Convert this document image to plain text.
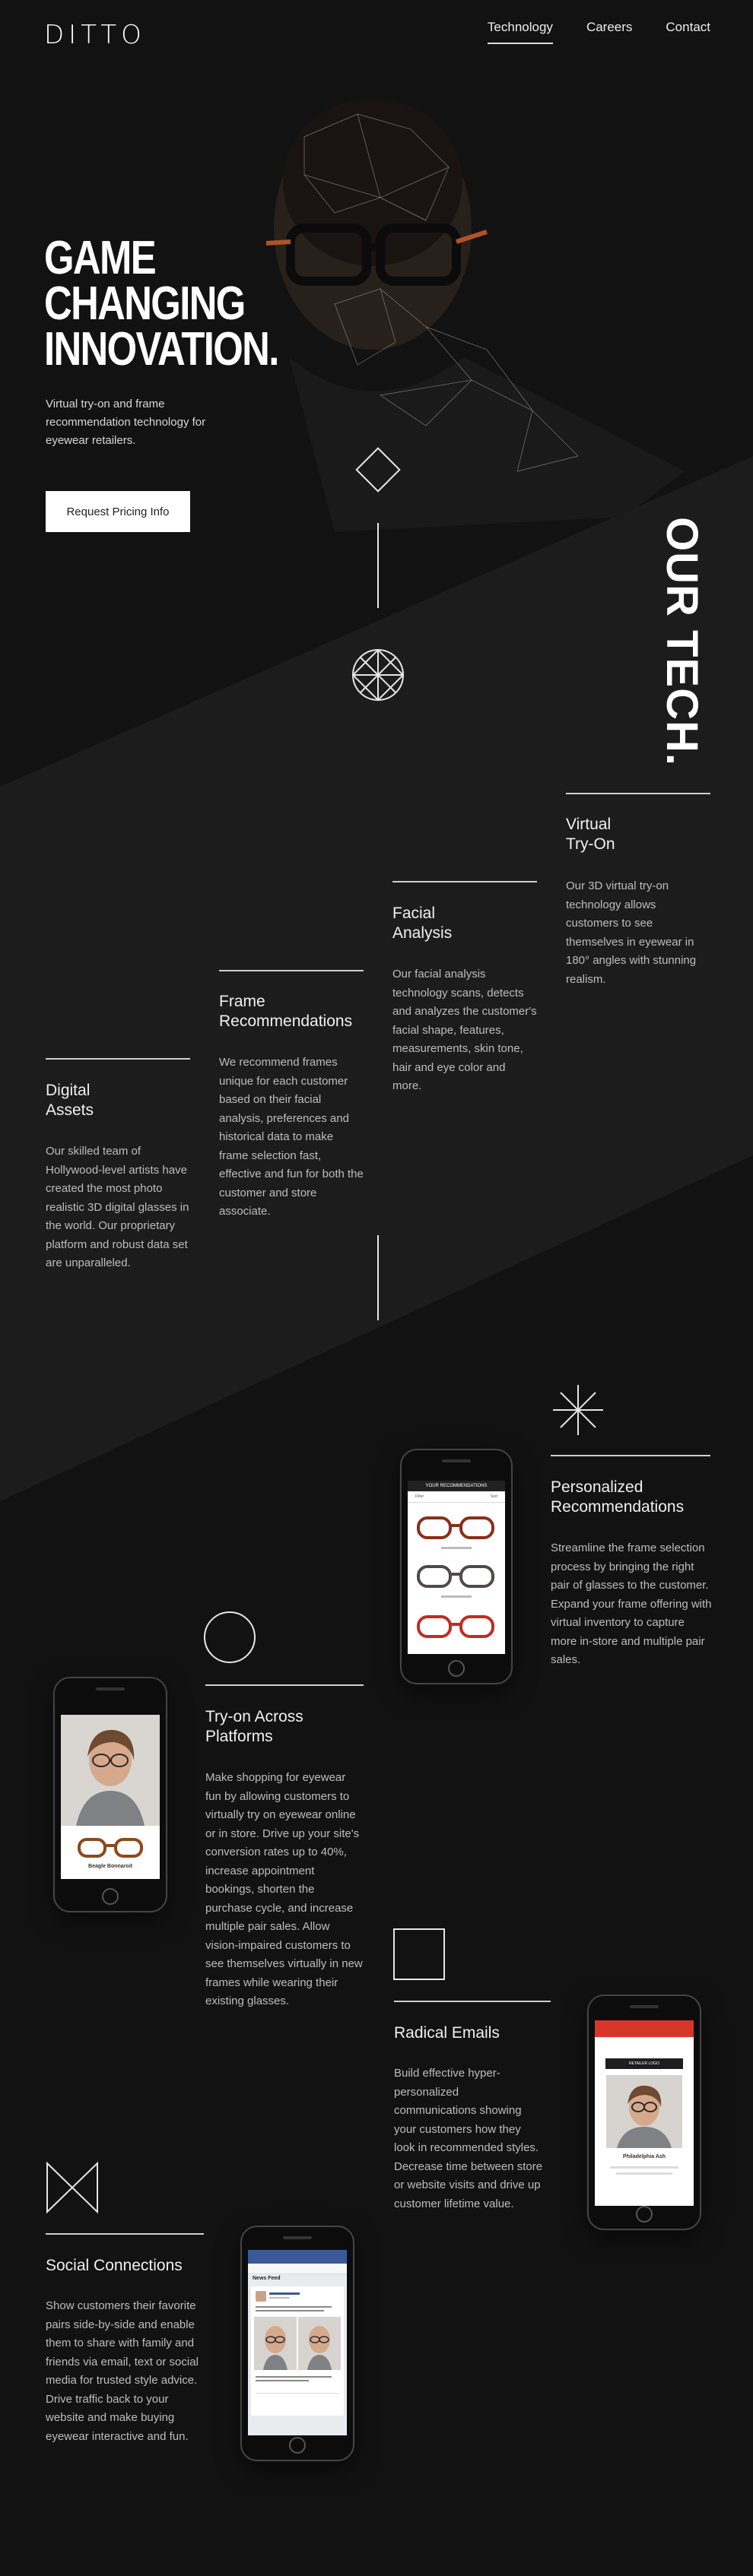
DITTO	Technology	Careers	Contact
GAME
CHANGING
INNOVATION.

Virtual try-on and frame recommendation technology for eyewear retailers.

Request Pricing Info
OUR TECH.
Virtual
Try-On

Our 3D virtual try-on technology allows customers to see themselves in eyewear in 180° angles with stunning realism.

Facial
Analysis

Our facial analysis technology scans, detects and analyzes the customer's facial shape, features, measurements, skin tone, hair and eye color and more.

Frame
Recommendations

We recommend frames unique for each customer based on their facial analysis, preferences and historical data to make frame selection fast, effective and fun for both the customer and store associate.

Digital
Assets

Our skilled team of Hollywood-level artists have created the most photo realistic 3D digital glasses in the world. Our proprietary platform and robust data set are unparalleled.

YOUR RECOMMENDATIONS
Filter	Sort
Personalized
Recommendations

Streamline the frame selection process by bringing the right pair of glasses to the customer. Expand your frame offering with virtual inventory to capture more in-store and multiple pair sales.

Beagle Bonnaroit
Try-on Across
Platforms

Make shopping for eyewear fun by allowing customers to virtually try on eyewear online or in store. Drive up your site's conversion rates up to 40%, increase appointment bookings, shorten the purchase cycle, and increase multiple pair sales. Allow vision-impaired customers to see themselves virtually in new frames while wearing their existing glasses.

Radical Emails

Build effective hyper-personalized communications showing your customers how they look in recommended styles. Decrease time between store or website visits and drive up customer lifetime value.

RETAILER LOGO
Philadelphia Ash
Social Connections

Show customers their favorite pairs side-by-side and enable them to share with family and friends via email, text or social media for trusted style advice. Drive traffic back to your website and make buying eyewear interactive and fun.

News Feed
